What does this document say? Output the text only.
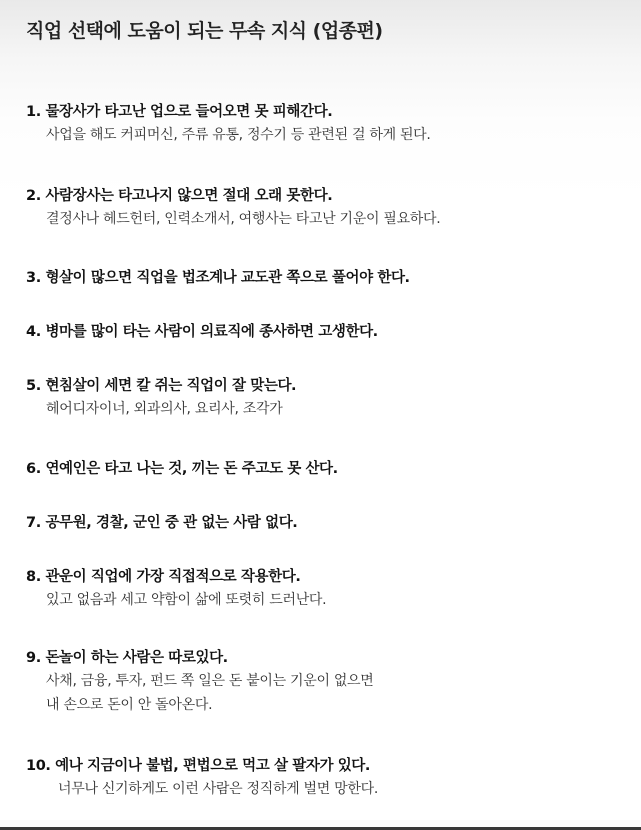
직업 선택에 도움이 되는 무속 지식 (업종편)
1. 물장사가 타고난 업으로 들어오면 못 피해간다.
사업을 해도 커피머신, 주류 유통, 정수기 등 관련된 걸 하게 된다.
2. 사람장사는 타고나지 않으면 절대 오래 못한다.
결정사나 헤드헌터, 인력소개서, 여행사는 타고난 기운이 필요하다.
3. 형살이 많으면 직업을 법조계나 교도관 쪽으로 풀어야 한다.
4. 병마를 많이 타는 사람이 의료직에 종사하면 고생한다.
5. 현침살이 세면 칼 쥐는 직업이 잘 맞는다.
헤어디자이너, 외과의사, 요리사, 조각가
6. 연예인은 타고 나는 것, 끼는 돈 주고도 못 산다.
7. 공무원, 경찰, 군인 중 관 없는 사람 없다.
8. 관운이 직업에 가장 직접적으로 작용한다.
있고 없음과 세고 약함이 삶에 또렷히 드러난다.
9. 돈놀이 하는 사람은 따로있다.
사채, 금융, 투자, 펀드 쪽 일은 돈 붙이는 기운이 없으면
내 손으로 돈이 안 돌아온다.
10. 예나 지금이나 불법, 편법으로 먹고 살 팔자가 있다.
너무나 신기하게도 이런 사람은 정직하게 벌면 망한다.
